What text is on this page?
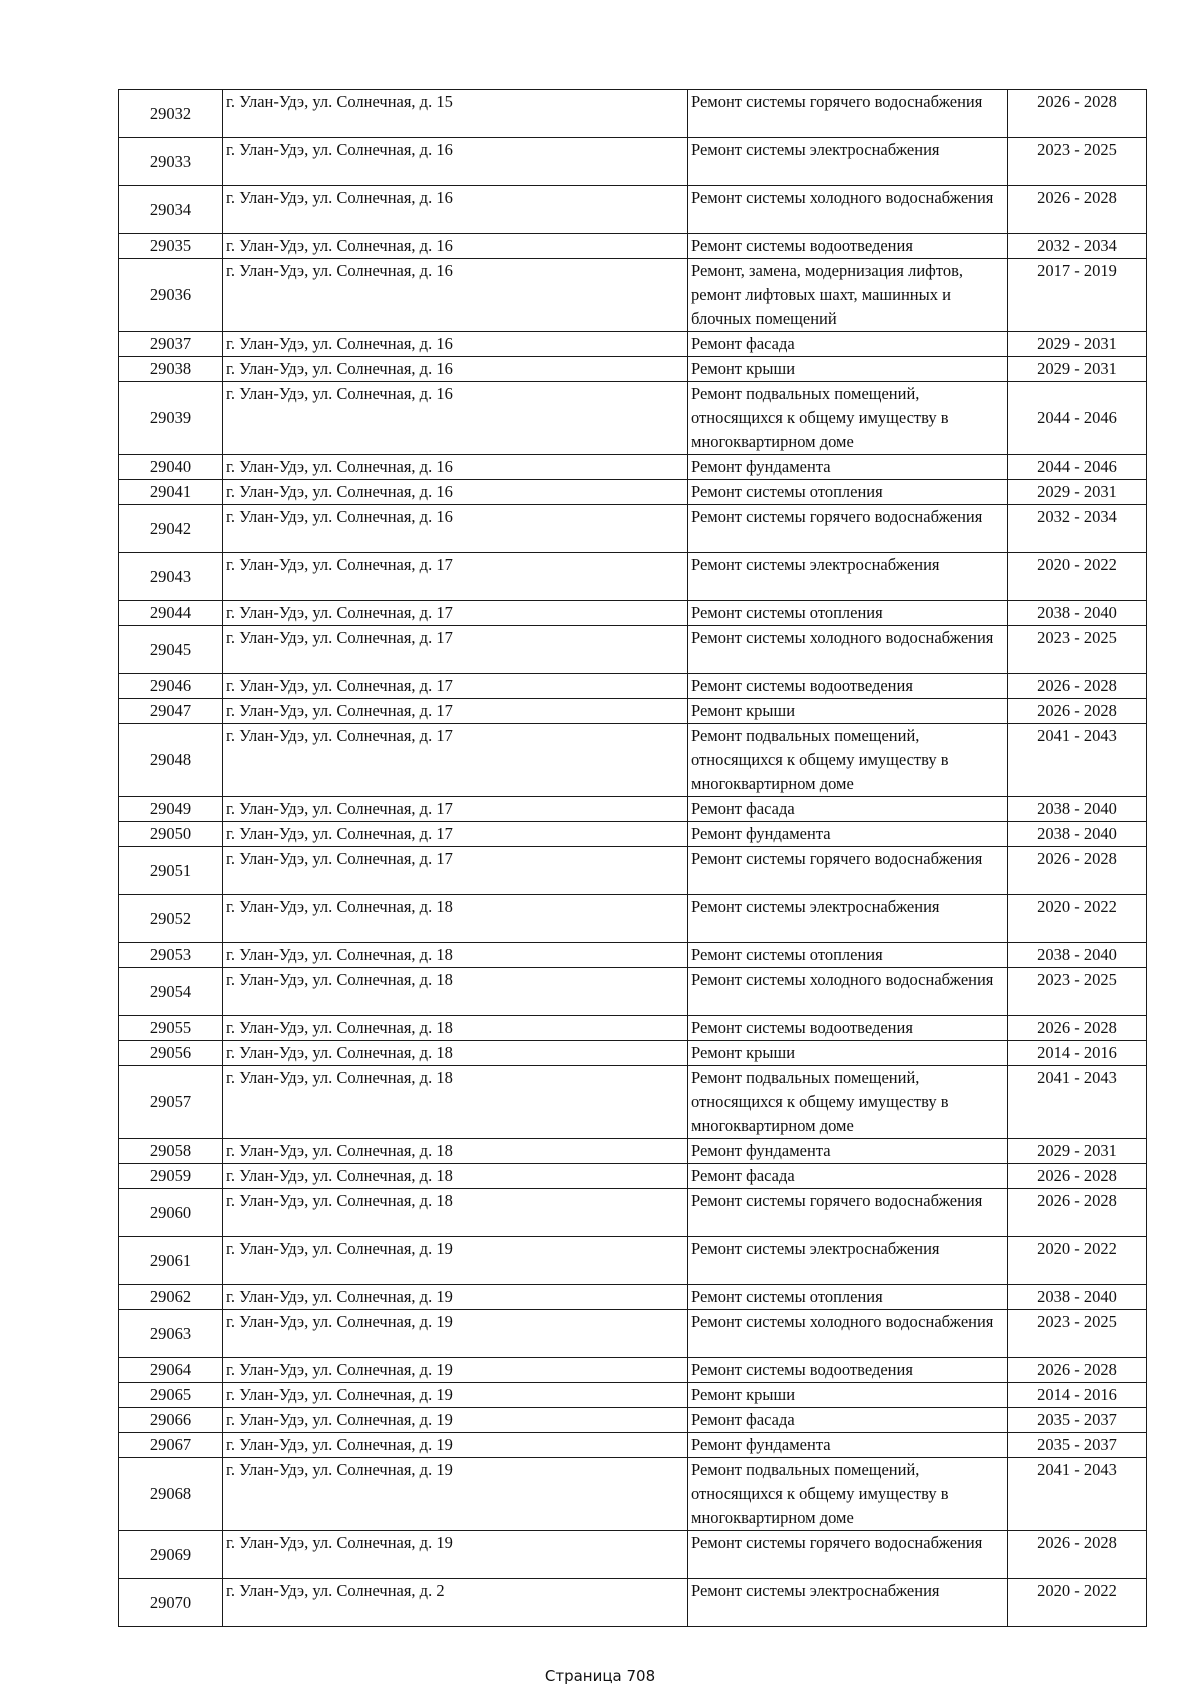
29032	г. Улан-Удэ, ул. Солнечная, д. 15	Ремонт системы горячего водоснабжения	2026 - 2028
29033	г. Улан-Удэ, ул. Солнечная, д. 16	Ремонт системы электроснабжения	2023 - 2025
29034	г. Улан-Удэ, ул. Солнечная, д. 16	Ремонт системы холодного водоснабжения	2026 - 2028
29035	г. Улан-Удэ, ул. Солнечная, д. 16	Ремонт системы водоотведения	2032 - 2034
29036	г. Улан-Удэ, ул. Солнечная, д. 16	Ремонт, замена, модернизация лифтов, ремонт лифтовых шахт, машинных и блочных помещений	2017 - 2019
29037	г. Улан-Удэ, ул. Солнечная, д. 16	Ремонт фасада	2029 - 2031
29038	г. Улан-Удэ, ул. Солнечная, д. 16	Ремонт крыши	2029 - 2031
29039	г. Улан-Удэ, ул. Солнечная, д. 16	Ремонт подвальных помещений, относящихся к общему имуществу в многоквартирном доме	2044 - 2046
29040	г. Улан-Удэ, ул. Солнечная, д. 16	Ремонт фундамента	2044 - 2046
29041	г. Улан-Удэ, ул. Солнечная, д. 16	Ремонт системы отопления	2029 - 2031
29042	г. Улан-Удэ, ул. Солнечная, д. 16	Ремонт системы горячего водоснабжения	2032 - 2034
29043	г. Улан-Удэ, ул. Солнечная, д. 17	Ремонт системы электроснабжения	2020 - 2022
29044	г. Улан-Удэ, ул. Солнечная, д. 17	Ремонт системы отопления	2038 - 2040
29045	г. Улан-Удэ, ул. Солнечная, д. 17	Ремонт системы холодного водоснабжения	2023 - 2025
29046	г. Улан-Удэ, ул. Солнечная, д. 17	Ремонт системы водоотведения	2026 - 2028
29047	г. Улан-Удэ, ул. Солнечная, д. 17	Ремонт крыши	2026 - 2028
29048	г. Улан-Удэ, ул. Солнечная, д. 17	Ремонт подвальных помещений, относящихся к общему имуществу в многоквартирном доме	2041 - 2043
29049	г. Улан-Удэ, ул. Солнечная, д. 17	Ремонт фасада	2038 - 2040
29050	г. Улан-Удэ, ул. Солнечная, д. 17	Ремонт фундамента	2038 - 2040
29051	г. Улан-Удэ, ул. Солнечная, д. 17	Ремонт системы горячего водоснабжения	2026 - 2028
29052	г. Улан-Удэ, ул. Солнечная, д. 18	Ремонт системы электроснабжения	2020 - 2022
29053	г. Улан-Удэ, ул. Солнечная, д. 18	Ремонт системы отопления	2038 - 2040
29054	г. Улан-Удэ, ул. Солнечная, д. 18	Ремонт системы холодного водоснабжения	2023 - 2025
29055	г. Улан-Удэ, ул. Солнечная, д. 18	Ремонт системы водоотведения	2026 - 2028
29056	г. Улан-Удэ, ул. Солнечная, д. 18	Ремонт крыши	2014 - 2016
29057	г. Улан-Удэ, ул. Солнечная, д. 18	Ремонт подвальных помещений, относящихся к общему имуществу в многоквартирном доме	2041 - 2043
29058	г. Улан-Удэ, ул. Солнечная, д. 18	Ремонт фундамента	2029 - 2031
29059	г. Улан-Удэ, ул. Солнечная, д. 18	Ремонт фасада	2026 - 2028
29060	г. Улан-Удэ, ул. Солнечная, д. 18	Ремонт системы горячего водоснабжения	2026 - 2028
29061	г. Улан-Удэ, ул. Солнечная, д. 19	Ремонт системы электроснабжения	2020 - 2022
29062	г. Улан-Удэ, ул. Солнечная, д. 19	Ремонт системы отопления	2038 - 2040
29063	г. Улан-Удэ, ул. Солнечная, д. 19	Ремонт системы холодного водоснабжения	2023 - 2025
29064	г. Улан-Удэ, ул. Солнечная, д. 19	Ремонт системы водоотведения	2026 - 2028
29065	г. Улан-Удэ, ул. Солнечная, д. 19	Ремонт крыши	2014 - 2016
29066	г. Улан-Удэ, ул. Солнечная, д. 19	Ремонт фасада	2035 - 2037
29067	г. Улан-Удэ, ул. Солнечная, д. 19	Ремонт фундамента	2035 - 2037
29068	г. Улан-Удэ, ул. Солнечная, д. 19	Ремонт подвальных помещений, относящихся к общему имуществу в многоквартирном доме	2041 - 2043
29069	г. Улан-Удэ, ул. Солнечная, д. 19	Ремонт системы горячего водоснабжения	2026 - 2028
29070	г. Улан-Удэ, ул. Солнечная, д. 2	Ремонт системы электроснабжения	2020 - 2022
Страница 708
